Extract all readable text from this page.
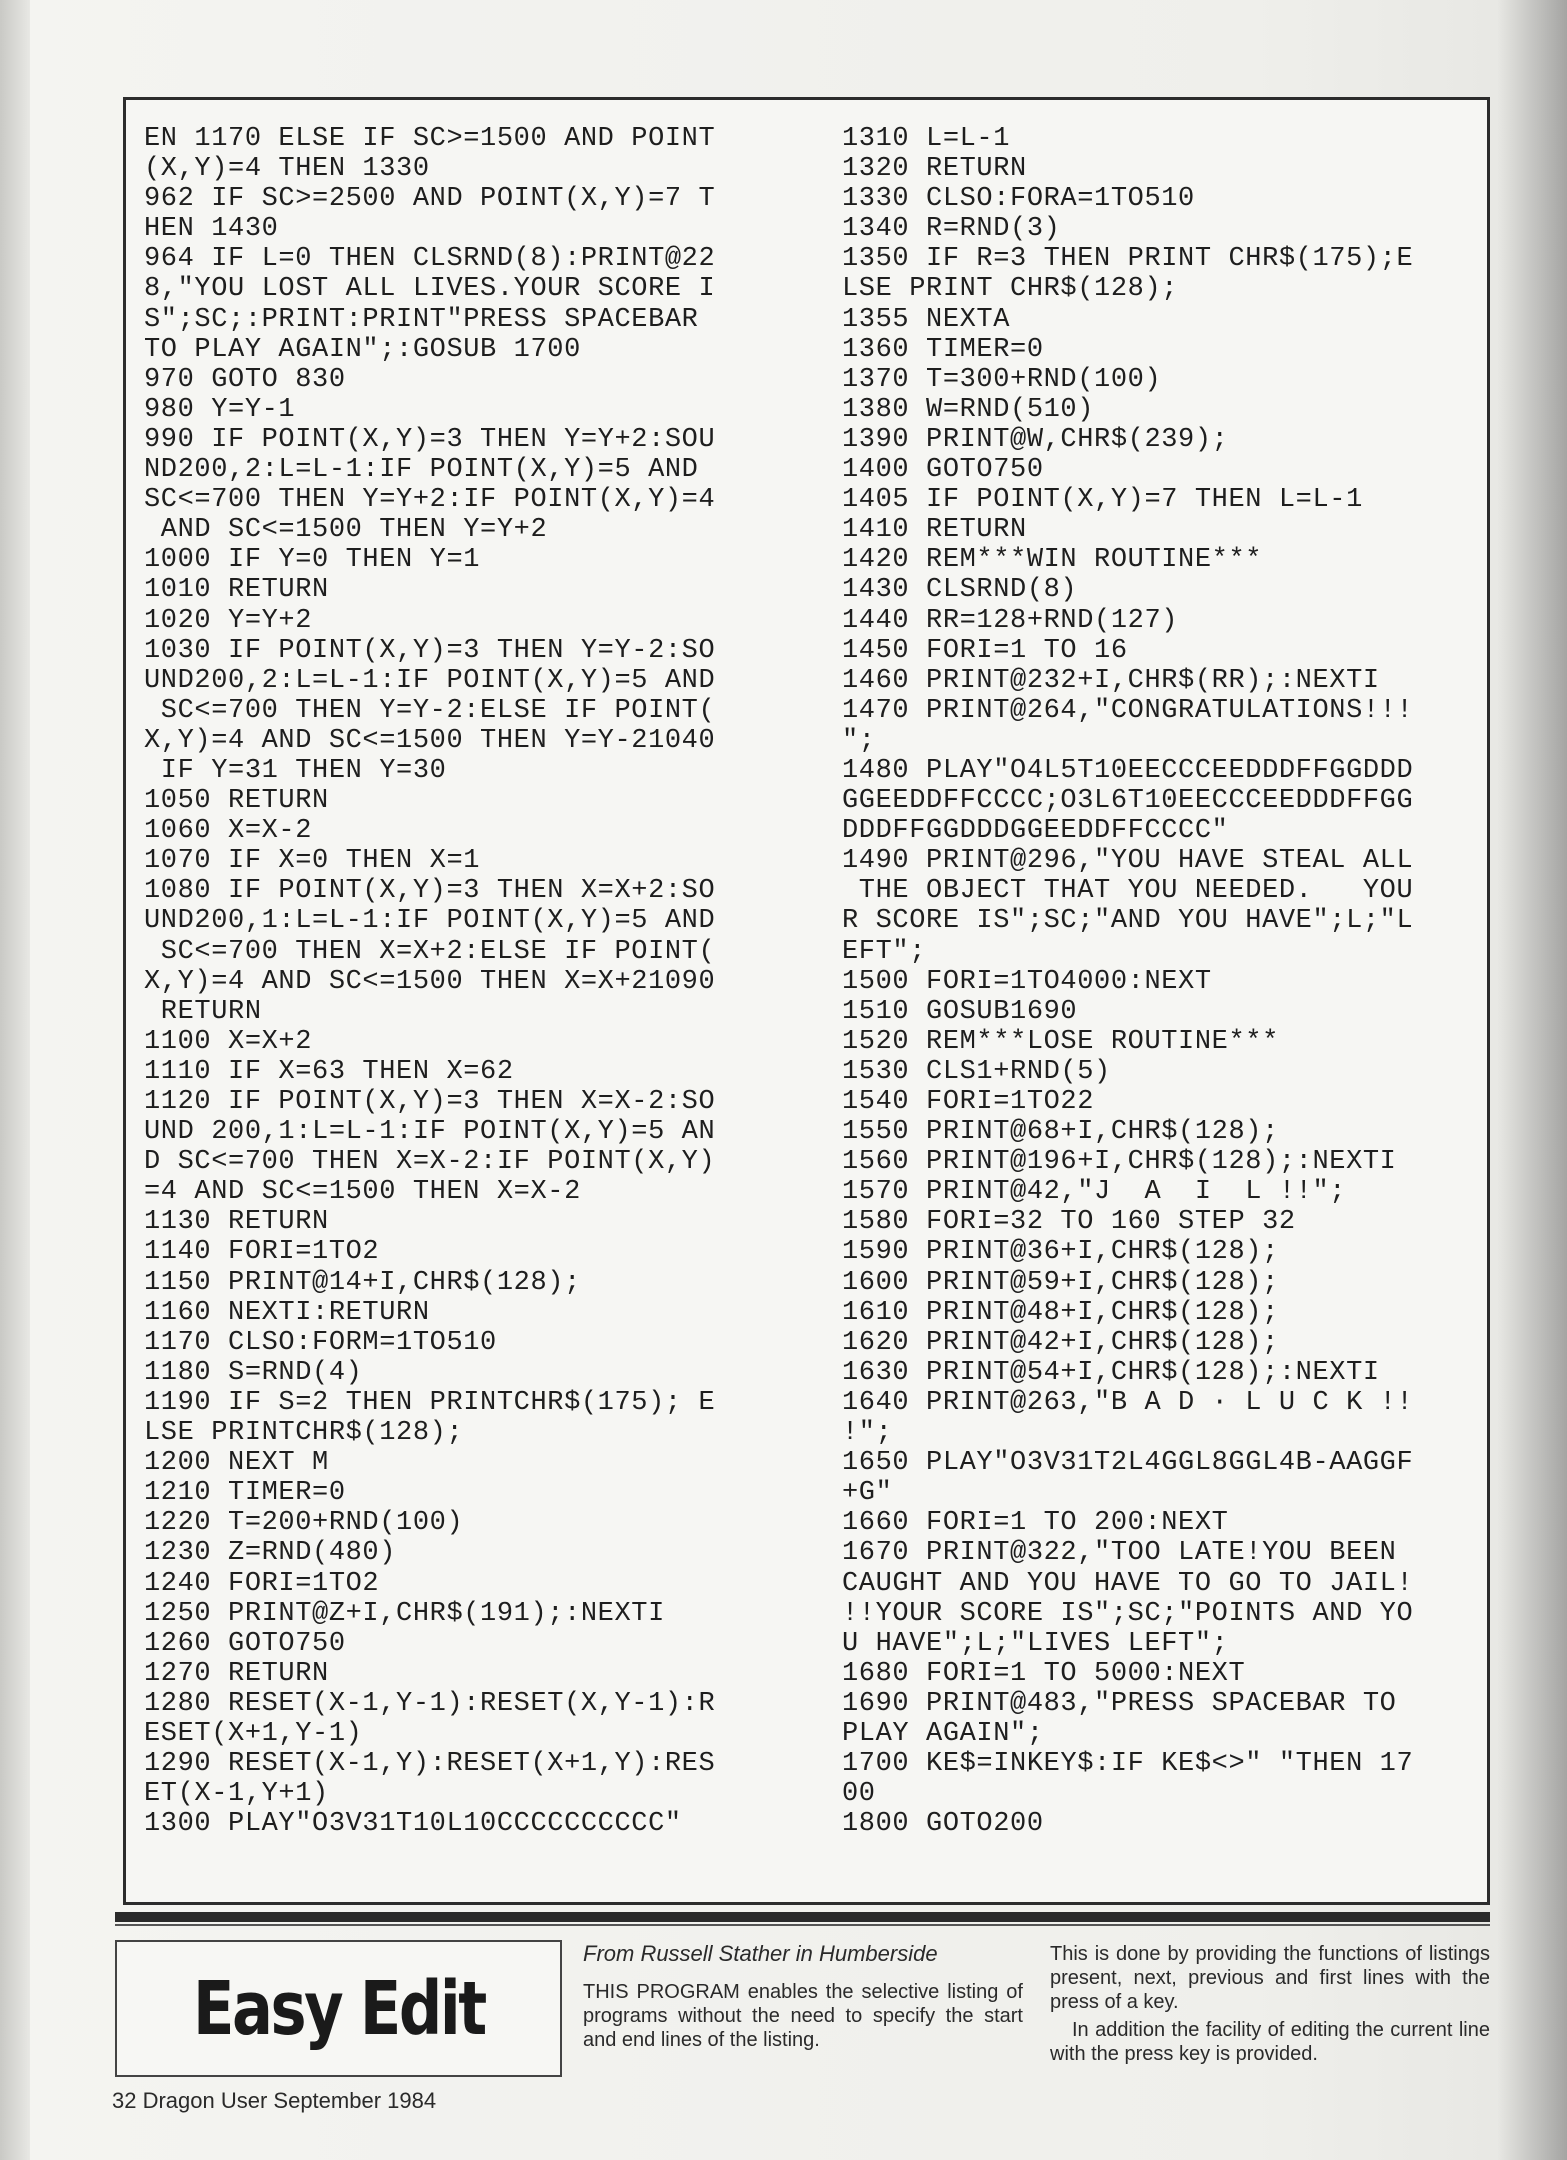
EN 1170 ELSE IF SC>=1500 AND POINT
(X,Y)=4 THEN 1330
962 IF SC>=2500 AND POINT(X,Y)=7 T
HEN 1430
964 IF L=0 THEN CLSRND(8):PRINT@22
8,"YOU LOST ALL LIVES.YOUR SCORE I
S";SC;:PRINT:PRINT"PRESS SPACEBAR
TO PLAY AGAIN";:GOSUB 1700
970 GOTO 830
980 Y=Y-1
990 IF POINT(X,Y)=3 THEN Y=Y+2:SOU
ND200,2:L=L-1:IF POINT(X,Y)=5 AND
SC<=700 THEN Y=Y+2:IF POINT(X,Y)=4
AND SC<=1500 THEN Y=Y+2
1000 IF Y=0 THEN Y=1
1010 RETURN
1020 Y=Y+2
1030 IF POINT(X,Y)=3 THEN Y=Y-2:SO
UND200,2:L=L-1:IF POINT(X,Y)=5 AND
SC<=700 THEN Y=Y-2:ELSE IF POINT(
X,Y)=4 AND SC<=1500 THEN Y=Y-21040
IF Y=31 THEN Y=30
1050 RETURN
1060 X=X-2
1070 IF X=0 THEN X=1
1080 IF POINT(X,Y)=3 THEN X=X+2:SO
UND200,1:L=L-1:IF POINT(X,Y)=5 AND
SC<=700 THEN X=X+2:ELSE IF POINT(
X,Y)=4 AND SC<=1500 THEN X=X+21090
RETURN
1100 X=X+2
1110 IF X=63 THEN X=62
1120 IF POINT(X,Y)=3 THEN X=X-2:SO
UND 200,1:L=L-1:IF POINT(X,Y)=5 AN
D SC<=700 THEN X=X-2:IF POINT(X,Y)
=4 AND SC<=1500 THEN X=X-2
1130 RETURN
1140 FORI=1TO2
1150 PRINT@14+I,CHR$(128);
1160 NEXTI:RETURN
1170 CLSO:FORM=1TO510
1180 S=RND(4)
1190 IF S=2 THEN PRINTCHR$(175); E
LSE PRINTCHR$(128);
1200 NEXT M
1210 TIMER=0
1220 T=200+RND(100)
1230 Z=RND(480)
1240 FORI=1TO2
1250 PRINT@Z+I,CHR$(191);:NEXTI
1260 GOTO750
1270 RETURN
1280 RESET(X-1,Y-1):RESET(X,Y-1):R
ESET(X+1,Y-1)
1290 RESET(X-1,Y):RESET(X+1,Y):RES
ET(X-1,Y+1)
1300 PLAY"O3V31T10L10CCCCCCCCCC"
1310 L=L-1
1320 RETURN
1330 CLSO:FORA=1TO510
1340 R=RND(3)
1350 IF R=3 THEN PRINT CHR$(175);E
LSE PRINT CHR$(128);
1355 NEXTA
1360 TIMER=0
1370 T=300+RND(100)
1380 W=RND(510)
1390 PRINT@W,CHR$(239);
1400 GOTO750
1405 IF POINT(X,Y)=7 THEN L=L-1
1410 RETURN
1420 REM***WIN ROUTINE***
1430 CLSRND(8)
1440 RR=128+RND(127)
1450 FORI=1 TO 16
1460 PRINT@232+I,CHR$(RR);:NEXTI
1470 PRINT@264,"CONGRATULATIONS!!!
";
1480 PLAY"O4L5T10EECCCEEDDDFFGGDDD
GGEEDDFFCCCC;O3L6T10EECCCEEDDDFFGG
DDDFFGGDDDGGEEDDFFCCCC"
1490 PRINT@296,"YOU HAVE STEAL ALL
THE OBJECT THAT YOU NEEDED.   YOU
R SCORE IS";SC;"AND YOU HAVE";L;"L
EFT";
1500 FORI=1TO4000:NEXT
1510 GOSUB1690
1520 REM***LOSE ROUTINE***
1530 CLS1+RND(5)
1540 FORI=1TO22
1550 PRINT@68+I,CHR$(128);
1560 PRINT@196+I,CHR$(128);:NEXTI
1570 PRINT@42,"J  A  I  L !!";
1580 FORI=32 TO 160 STEP 32
1590 PRINT@36+I,CHR$(128);
1600 PRINT@59+I,CHR$(128);
1610 PRINT@48+I,CHR$(128);
1620 PRINT@42+I,CHR$(128);
1630 PRINT@54+I,CHR$(128);:NEXTI
1640 PRINT@263,"B A D · L U C K !!
!";
1650 PLAY"O3V31T2L4GGL8GGL4B-AAGGF
+G"
1660 FORI=1 TO 200:NEXT
1670 PRINT@322,"TOO LATE!YOU BEEN
CAUGHT AND YOU HAVE TO GO TO JAIL!
!!YOUR SCORE IS";SC;"POINTS AND YO
U HAVE";L;"LIVES LEFT";
1680 FORI=1 TO 5000:NEXT
1690 PRINT@483,"PRESS SPACEBAR TO
PLAY AGAIN";
1700 KE$=INKEY$:IF KE$<>" "THEN 17
00
1800 GOTO200
Easy Edit
From Russell Stather in Humberside
THIS PROGRAM enables the selective listing of programs without the need to specify the start and end lines of the listing.
This is done by providing the functions of listings present, next, previous and first lines with the press of a key.
In addition the facility of editing the current line with the press key is provided.
32 Dragon User September 1984
